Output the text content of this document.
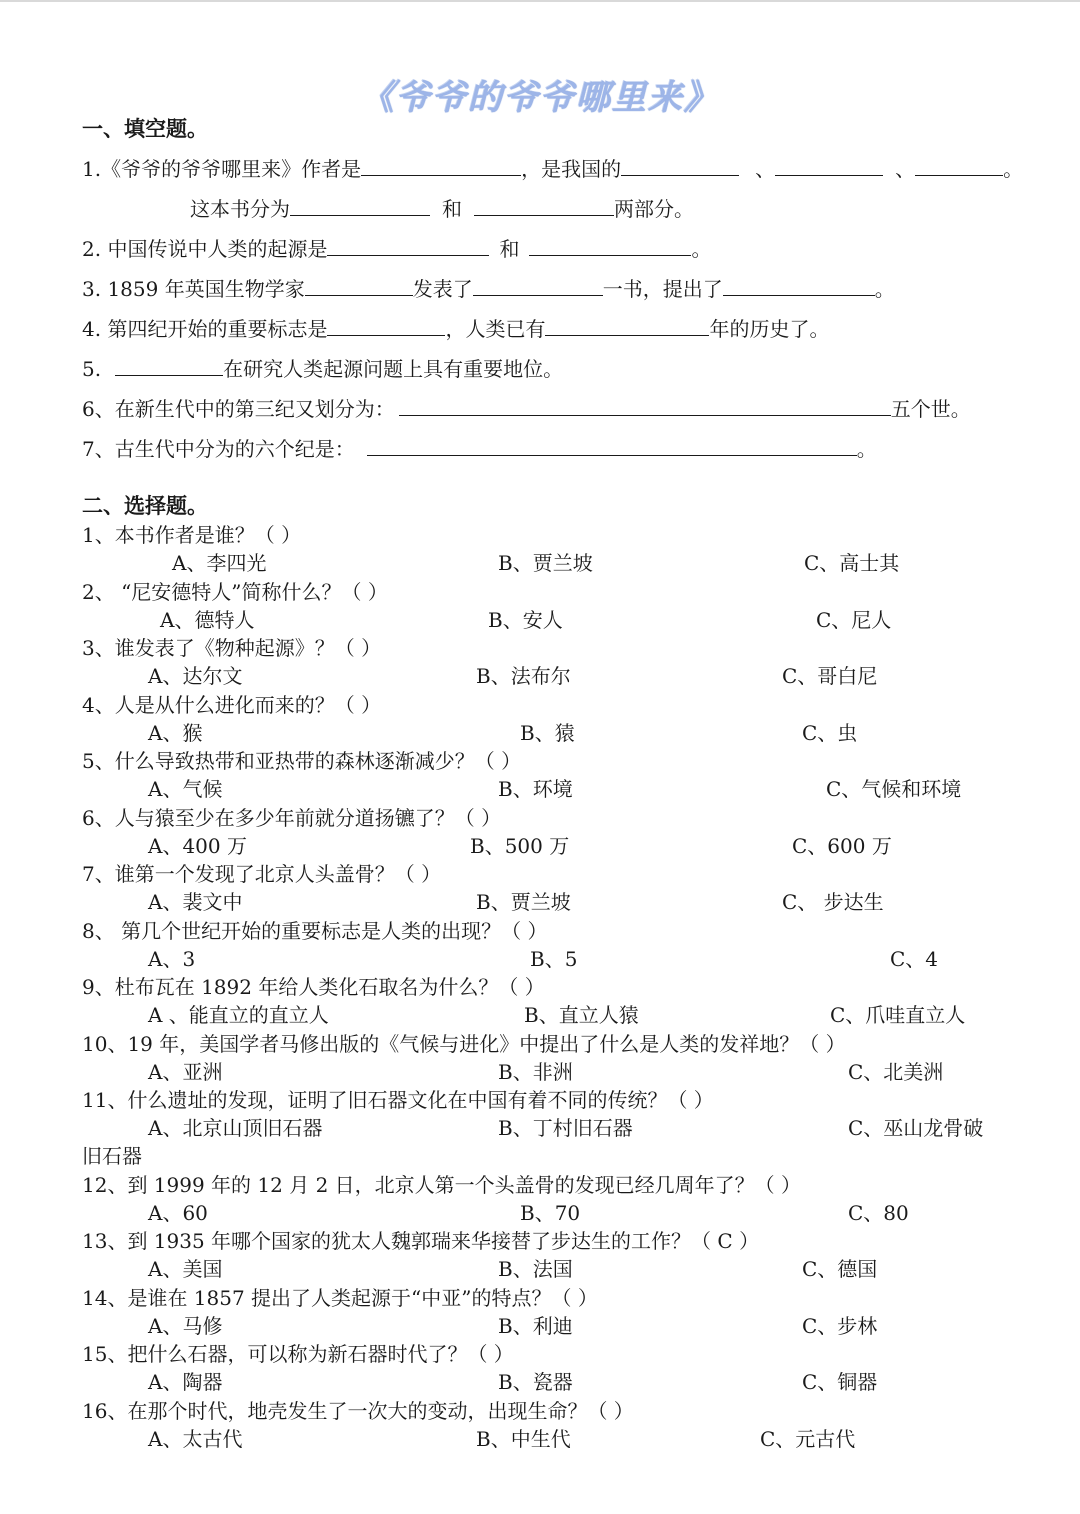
《爷爷的爷爷哪里来》
一、填空题。
1.《爷爷的爷爷哪里来》作者是	，是我国的	、	、	。
这本书分为	和	两部分。
2. 中国传说中人类的起源是	和	。
3. 1859 年英国生物学家	发表了	一书，提出了	。
4. 第四纪开始的重要标志是	，人类已有	年的历史了。
5.	在研究人类起源问题上具有重要地位。
6、在新生代中的第三纪又划分为：	五个世。
7、古生代中分为的六个纪是：	。
二、选择题。
1、本书作者是谁？（ ）
A、李四光	B、贾兰坡	C、高士其
2、 “尼安德特人”简称什么？（ ）
A、德特人	B、安人	C、尼人
3、谁发表了《物种起源》？（ ）
A、达尔文	B、法布尔	C、哥白尼
4、人是从什么进化而来的？（ ）
A、猴	B、猿	C、虫
5、什么导致热带和亚热带的森林逐渐减少？（ ）
A、气候	B、环境	C、气候和环境
6、人与猿至少在多少年前就分道扬镳了？（ ）
A、400 万	B、500 万	C、600 万
7、谁第一个发现了北京人头盖骨？（ ）
A、裴文中	B、贾兰坡	C、 步达生
8、 第几个世纪开始的重要标志是人类的出现？（ ）
A、3	B、5	C、4
9、杜布瓦在 1892 年给人类化石取名为什么？（ ）
A 、能直立的直立人	B、直立人猿	C、爪哇直立人
10、19 年，美国学者马修出版的《气候与进化》中提出了什么是人类的发祥地？（ ）
A、亚洲	B、非洲	C、北美洲
11、什么遗址的发现，证明了旧石器文化在中国有着不同的传统？（ ）
A、北京山顶旧石器	B、丁村旧石器	C、巫山龙骨破
旧石器
12、到 1999 年的 12 月 2 日，北京人第一个头盖骨的发现已经几周年了？（ ）
A、60	B、70	C、80
13、到 1935 年哪个国家的犹太人魏郭瑞来华接替了步达生的工作？（ C ）
A、美国	B、法国	C、德国
14、是谁在 1857 提出了人类起源于“中亚”的特点？（ ）
A、马修	B、利迪	C、步林
15、把什么石器，可以称为新石器时代了？（ ）
A、陶器	B、瓷器	C、铜器
16、在那个时代，地壳发生了一次大的变动，出现生命？（ ）
A、太古代	B、中生代	C、元古代
